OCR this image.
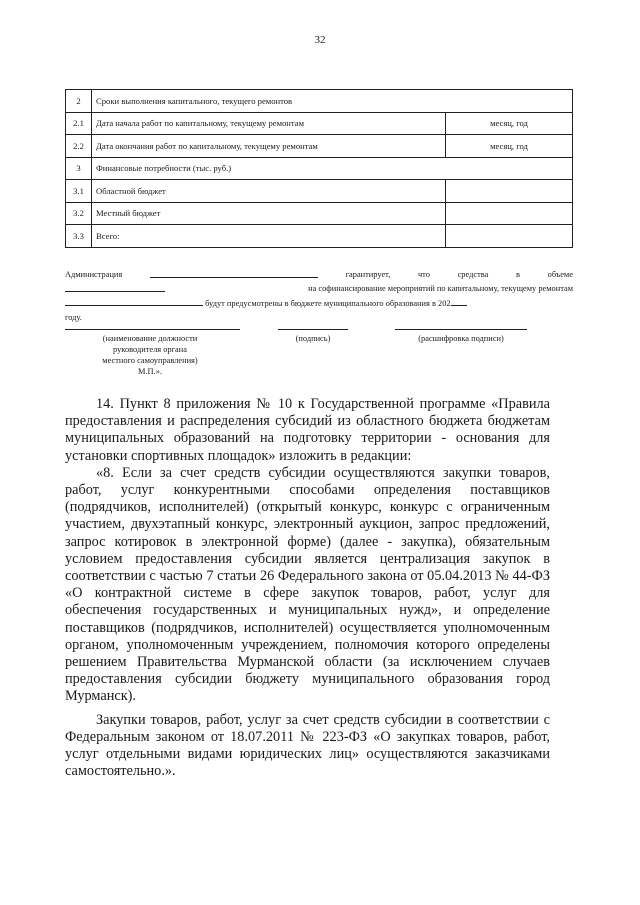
32
2	Сроки выполнения капитального, текущего ремонтов	
2.1	Дата начала работ по капитальному, текущему ремонтам	месяц, год
2.2	Дата окончания работ по капитальному, текущему ремонтам	месяц, год
3	Финансовые потребности (тыс. руб.)	
3.1	Областной бюджет	
3.2	Местный бюджет	
3.3	Всего:	
Администрация	гарантирует,	что	средства	в	объеме
на софинансирование мероприятий по капитальному, текущему ремонтам
будут предусмотрены в бюджете муниципального образования в 202
году.
(наименование должности
руководителя органа
местного самоуправления)
М.П.».
(подпись)	(расшифровка подписи)

14. Пункт 8 приложения № 10 к Государственной программе «Правила предоставления и распределения субсидий из областного бюджета бюджетам муниципальных образований на подготовку территории - основания для установки спортивных площадок» изложить в редакции:

«8. Если за счет средств субсидии осуществляются закупки товаров, работ, услуг конкурентными способами определения поставщиков (подрядчиков, исполнителей) (открытый конкурс, конкурс с ограниченным участием, двухэтапный конкурс, электронный аукцион, запрос предложений, запрос котировок в электронной форме) (далее - закупка), обязательным условием предоставления субсидии является централизация закупок в соответствии с частью 7 статьи 26 Федерального закона от 05.04.2013 № 44-ФЗ «О контрактной системе в сфере закупок товаров, работ, услуг для обеспечения государственных и муниципальных нужд», и определение поставщиков (подрядчиков, исполнителей) осуществляется уполномоченным органом, уполномоченным учреждением, полномочия которого определены решением Правительства Мурманской области (за исключением случаев предоставления субсидии бюджету муниципального образования город Мурманск).

Закупки товаров, работ, услуг за счет средств субсидии в соответствии с Федеральным законом от 18.07.2011 № 223-ФЗ «О закупках товаров, работ, услуг отдельными видами юридических лиц» осуществляются заказчиками самостоятельно.».
